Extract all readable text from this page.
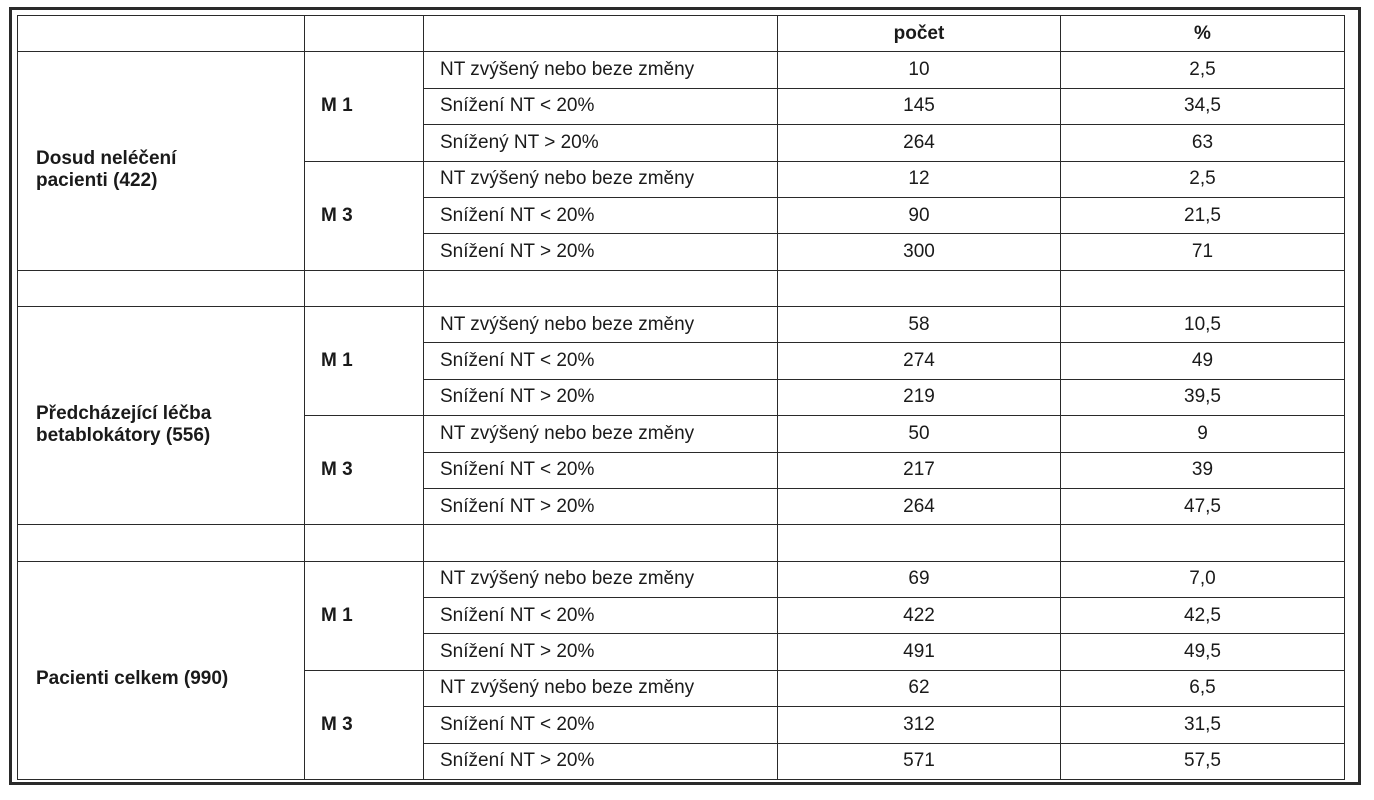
			počet	%

Dosud neléčení
pacienti (422)	M 1	NT zvýšený nebo beze změny	10	2,5
		Snížení NT < 20%	145	34,5
		Snížený NT > 20%	264	63
	M 3	NT zvýšený nebo beze změny	12	2,5
		Snížení NT < 20%	90	21,5
		Snížení NT > 20%	300	71

Předcházející léčba
betablokátory (556)	M 1	NT zvýšený nebo beze změny	58	10,5
		Snížení NT < 20%	274	49
		Snížení NT > 20%	219	39,5
	M 3	NT zvýšený nebo beze změny	50	9
		Snížení NT < 20%	217	39
		Snížení NT > 20%	264	47,5

Pacienti celkem (990)	M 1	NT zvýšený nebo beze změny	69	7,0
		Snížení NT < 20%	422	42,5
		Snížení NT > 20%	491	49,5
	M 3	NT zvýšený nebo beze změny	62	6,5
		Snížení NT < 20%	312	31,5
		Snížení NT > 20%	571	57,5
